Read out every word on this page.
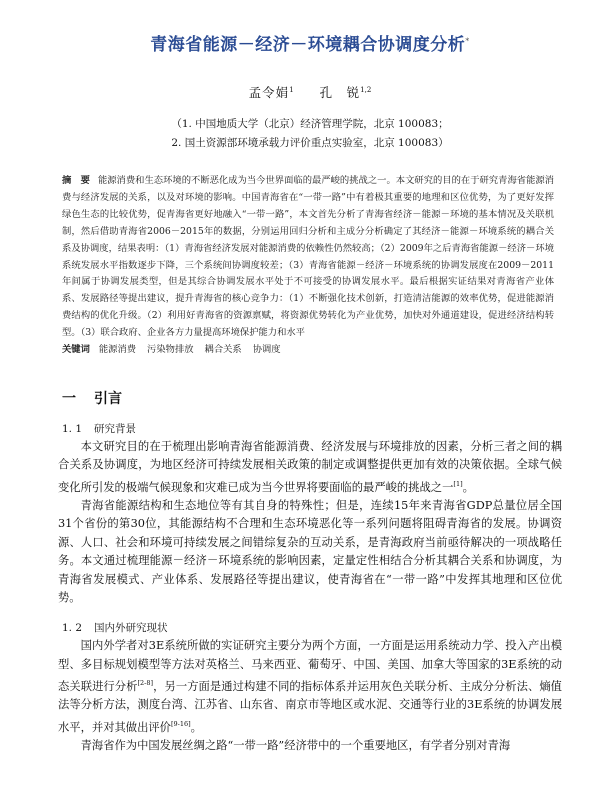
青海省能源－经济－环境耦合协调度分析*
孟令娟$^1$ 孔　锐$^{1,2}$
（1. 中国地质大学（北京）经济管理学院，北京 100083；
2. 国土资源部环境承载力评价重点实验室，北京 100083）
摘　要 能源消费和生态环境的不断恶化成为当今世界面临的最严峻的挑战之一。本文研究的目的在于研究青海省能源消费与经济发展的关系，以及对环境的影响。中国青海省在“一带一路”中有着极其重要的地理和区位优势，为了更好发挥绿色生态的比较优势，促青海省更好地融入“一带一路”，本文首先分析了青海省经济－能源－环境的基本情况及关联机制，然后借助青海省2006－2015年的数据，分别运用回归分析和主成分分析确定了其经济－能源－环境系统的耦合关系及协调度，结果表明：（1）青海省经济发展对能源消费的依赖性仍然较高；（2）2009年之后青海省能源－经济－环境系统发展水平指数逐步下降，三个系统间协调度较差；（3）青海省能源－经济－环境系统的协调发展度在2009－2011年间属于协调发展类型，但是其综合协调发展水平处于不可接受的协调发展水平。最后根据实证结果对青海省产业体系、发展路径等提出建议，提升青海省的核心竞争力：（1）不断强化技术创新，打造清洁能源的效率优势，促进能源消费结构的优化升级。（2）利用好青海省的资源禀赋，将资源优势转化为产业优势，加快对外通道建设，促进经济结构转型。（3）联合政府、企业各方力量提高环境保护能力和水平
关键词 能源消费 污染物排放 耦合关系 协调度
一 引言
1. 1 研究背景

本文研究目的在于梳理出影响青海省能源消费、经济发展与环境排放的因素，分析三者之间的耦合关系及协调度，为地区经济可持续发展相关政策的制定或调整提供更加有效的决策依据。全球气候变化所引发的极端气候现象和灾难已成为当今世界将要面临的最严峻的挑战之一[1]。

青海省能源结构和生态地位等有其自身的特殊性；但是，连续15年来青海省GDP总量位居全国31个省份的第30位，其能源结构不合理和生态环境恶化等一系列问题将阻碍青海省的发展。协调资源、人口、社会和环境可持续发展之间错综复杂的互动关系，是青海政府当前亟待解决的一项战略任务。本文通过梳理能源－经济－环境系统的影响因素，定量定性相结合分析其耦合关系和协调度，为青海省发展模式、产业体系、发展路径等提出建议，使青海省在“一带一路”中发挥其地理和区位优势。

1. 2 国内外研究现状

国内外学者对3E系统所做的实证研究主要分为两个方面，一方面是运用系统动力学、投入产出模型、多目标规划模型等方法对英格兰、马来西亚、葡萄牙、中国、美国、加拿大等国家的3E系统的动态关联进行分析[2-8]，另一方面是通过构建不同的指标体系并运用灰色关联分析、主成分分析法、熵值法等分析方法，测度台湾、江苏省、山东省、南京市等地区或水泥、交通等行业的3E系统的协调发展水平，并对其做出评价[9-16]。

青海省作为中国发展丝绸之路“一带一路”经济带中的一个重要地区，有学者分别对青海
